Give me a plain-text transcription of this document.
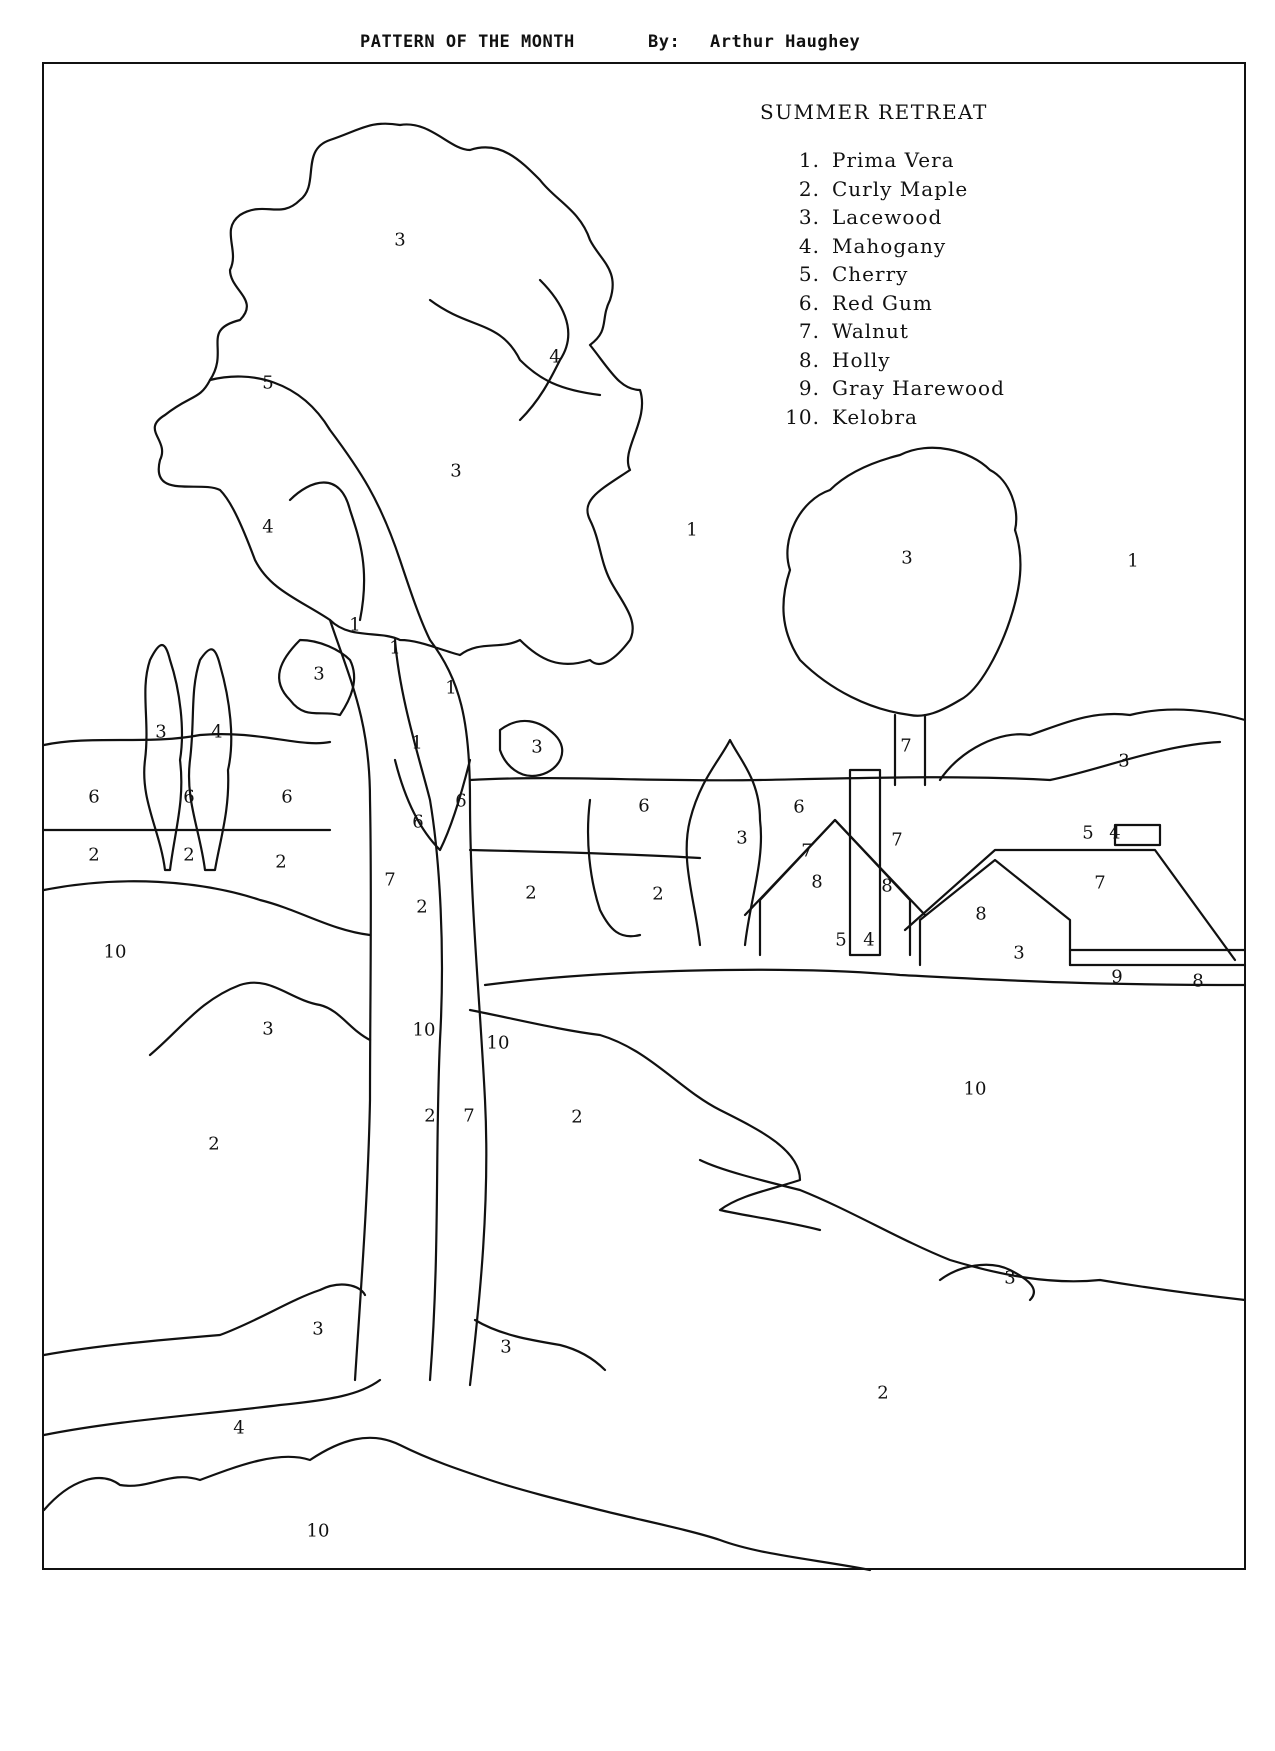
PATTERN OF THE MONTH	By: Arthur Haughey
SUMMER RETREAT
1. Prima Vera
2. Curly Maple
3. Lacewood
4. Mahogany
5. Cherry
6. Red Gum
7. Walnut
8. Holly
9. Gray Harewood
10. Kelobra
3
4
5
3
4	1
3	1
1
1
1
1
3
3
3
4
6	6	6
2	2	2
6
6
7
2
2	2
3
6	6
7
3
7
8	8
7
8
5 4
3
5 4
7
9	8
10
3	10
10
2 7	2
2
10
3
3
3
2
4
10
